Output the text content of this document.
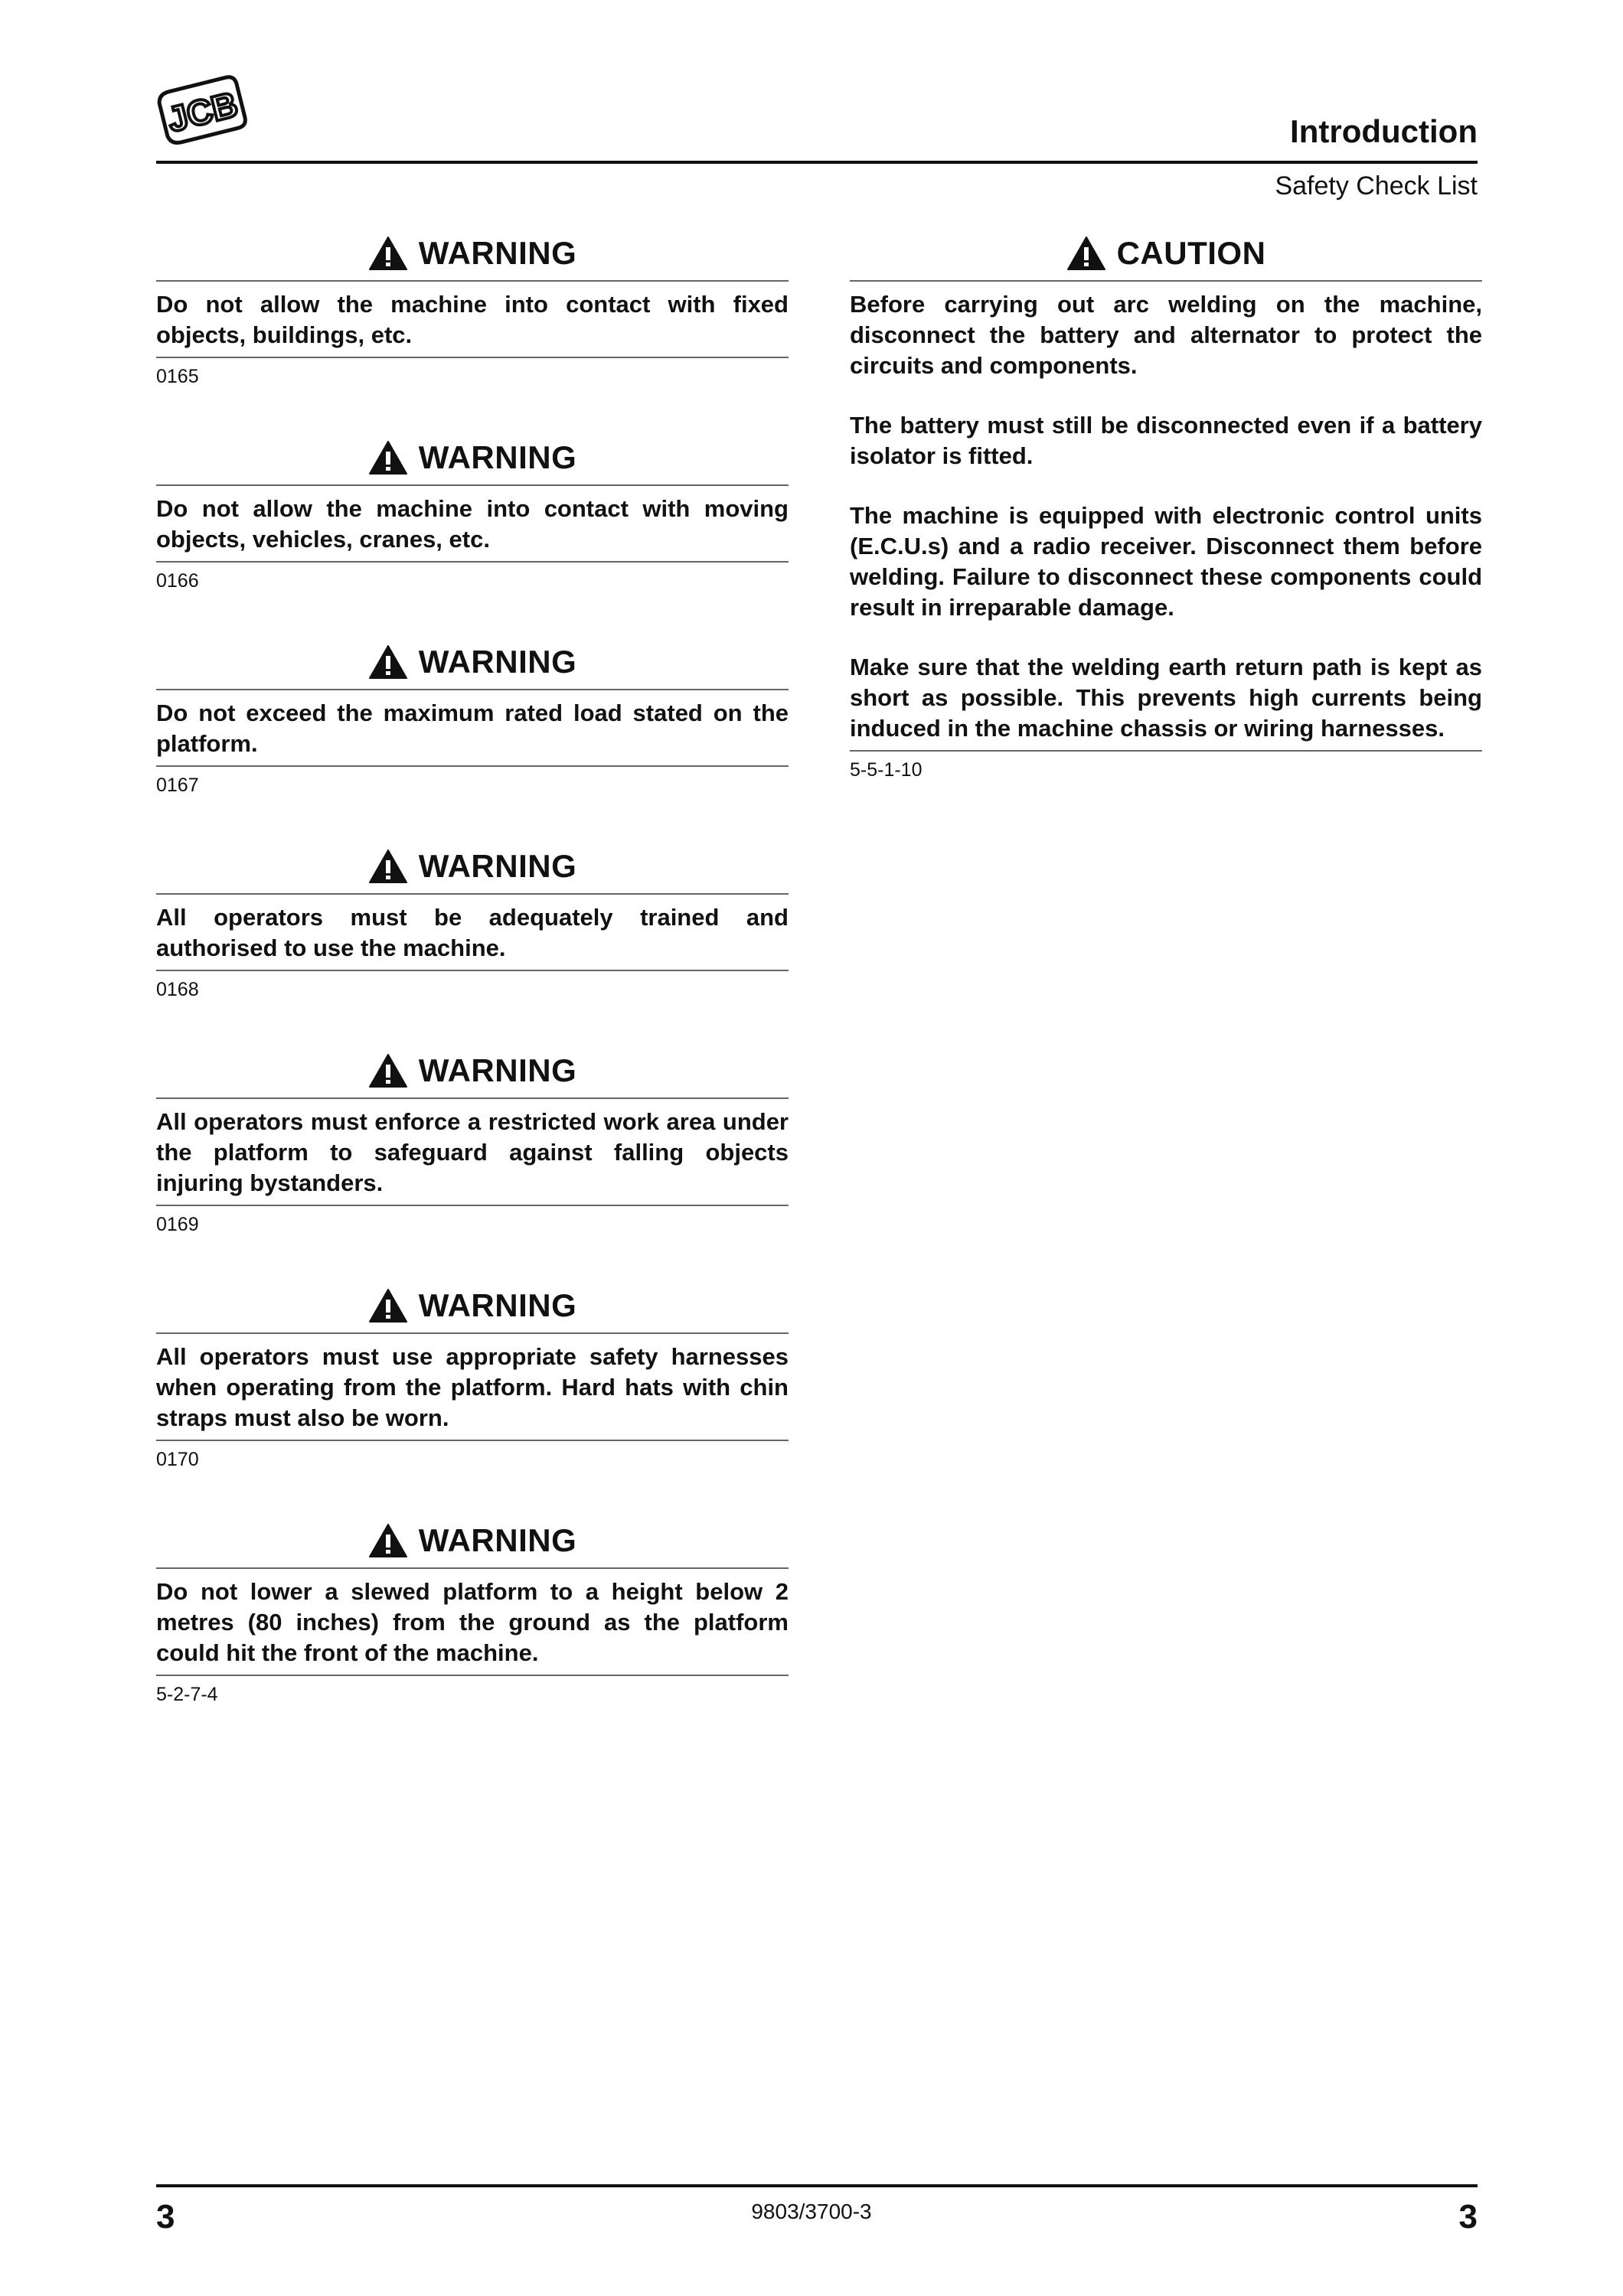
JCB	Introduction
Safety Check List
WARNING

Do not allow the machine into contact with fixed objects, buildings, etc.

0165
WARNING

Do not allow the machine into contact with moving objects, vehicles, cranes, etc.

0166
WARNING

Do not exceed the maximum rated load stated on the platform.

0167
WARNING

All operators must be adequately trained and authorised to use the machine.

0168
WARNING

All operators must enforce a restricted work area under the platform to safeguard against falling objects injuring bystanders.

0169
WARNING

All operators must use appropriate safety harnesses when operating from the platform. Hard hats with chin straps must also be worn.

0170
WARNING

Do not lower a slewed platform to a height below 2 metres (80 inches) from the ground as the platform could hit the front of the machine.

5-2-7-4
CAUTION

Before carrying out arc welding on the machine, disconnect the battery and alternator to protect the circuits and components.

The battery must still be disconnected even if a battery isolator is fitted.

The machine is equipped with electronic control units (E.C.U.s) and a radio receiver. Disconnect them before welding. Failure to disconnect these components could result in irreparable damage.

Make sure that the welding earth return path is kept as short as possible. This prevents high currents being induced in the machine chassis or wiring harnesses.

5-5-1-10
3	9803/3700-3	3
